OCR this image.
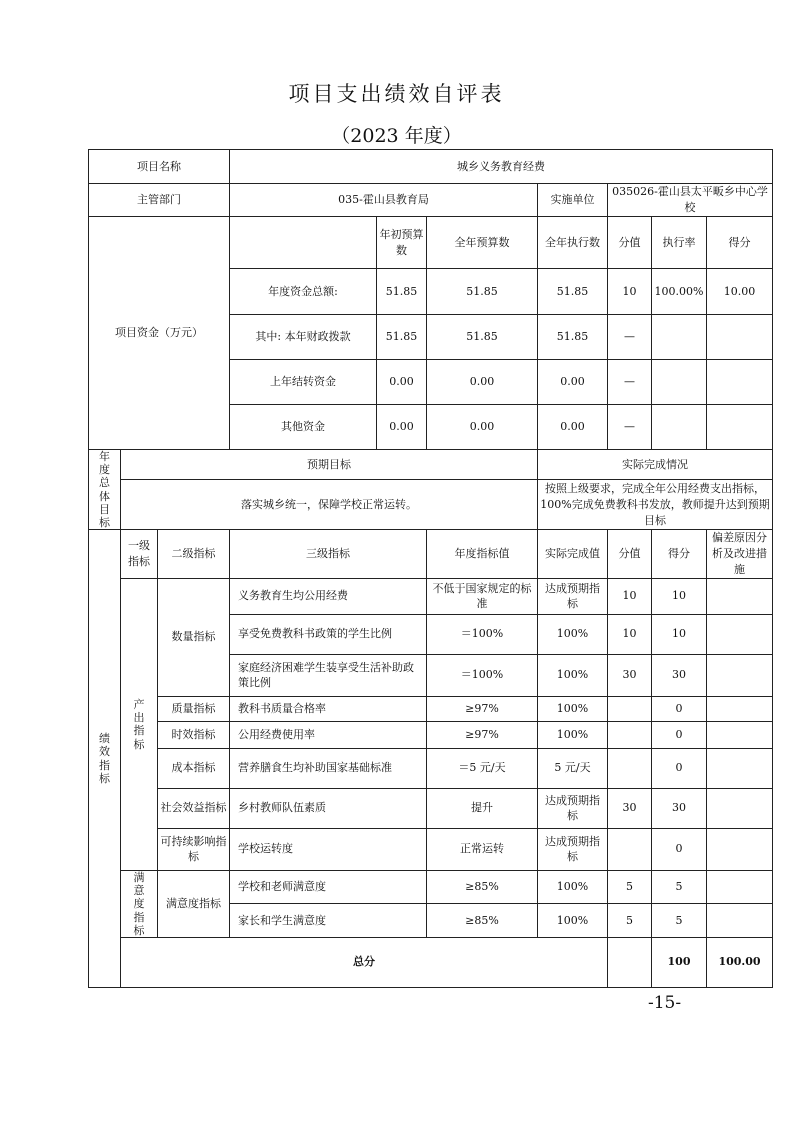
项目支出绩效自评表
（2023 年度）
项目名称			城乡义务教育经费							
主管部门			035-霍山县教育局			实施单位	035026-霍山县太平畈乡中心学校			
项目资金（万元）				年初预算数	全年预算数	全年执行数	分值	执行率	得分	
			年度资金总额:	51.85	51.85	51.85	10	100.00%	10.00	
			其中: 本年财政拨款	51.85	51.85	51.85	—			
			上年结转资金	0.00	0.00	0.00	—			
			其他资金	0.00	0.00	0.00	—			

年度总体目标	预期目标					实际完成情况				
	落实城乡统一，保障学校正常运转。					按照上级要求，完成全年公用经费支出指标，100%完成免费教科书发放，教师提升达到预期目标				

绩效指标	一级指标	二级指标	三级指标		年度指标值	实际完成值	分值	得分	偏差原因分析及改进措施	

	产出指标	数量指标	义务教育生均公用经费		不低于国家规定的标准	达成预期指标	10	10		
			享受免费教科书政策的学生比例		＝100%	100%	10	10		
			家庭经济困难学生装享受生活补助政策比例		＝100%	100%	30	30		
		质量指标	教科书质量合格率		≥97%	100%		0		
		时效指标	公用经费使用率		≥97%	100%		0		
		成本指标	营养膳食生均补助国家基础标准		＝5 元/天	5 元/天		0		
		社会效益指标	乡村教师队伍素质		提升	达成预期指标	30	30		
		可持续影响指标	学校运转度		正常运转	达成预期指标		0		

	满意度指标	满意度指标	学校和老师满意度		≥85%	100%	5	5		
			家长和学生满意度		≥85%	100%	5	5		
	总分							100	100.00	
-15-
